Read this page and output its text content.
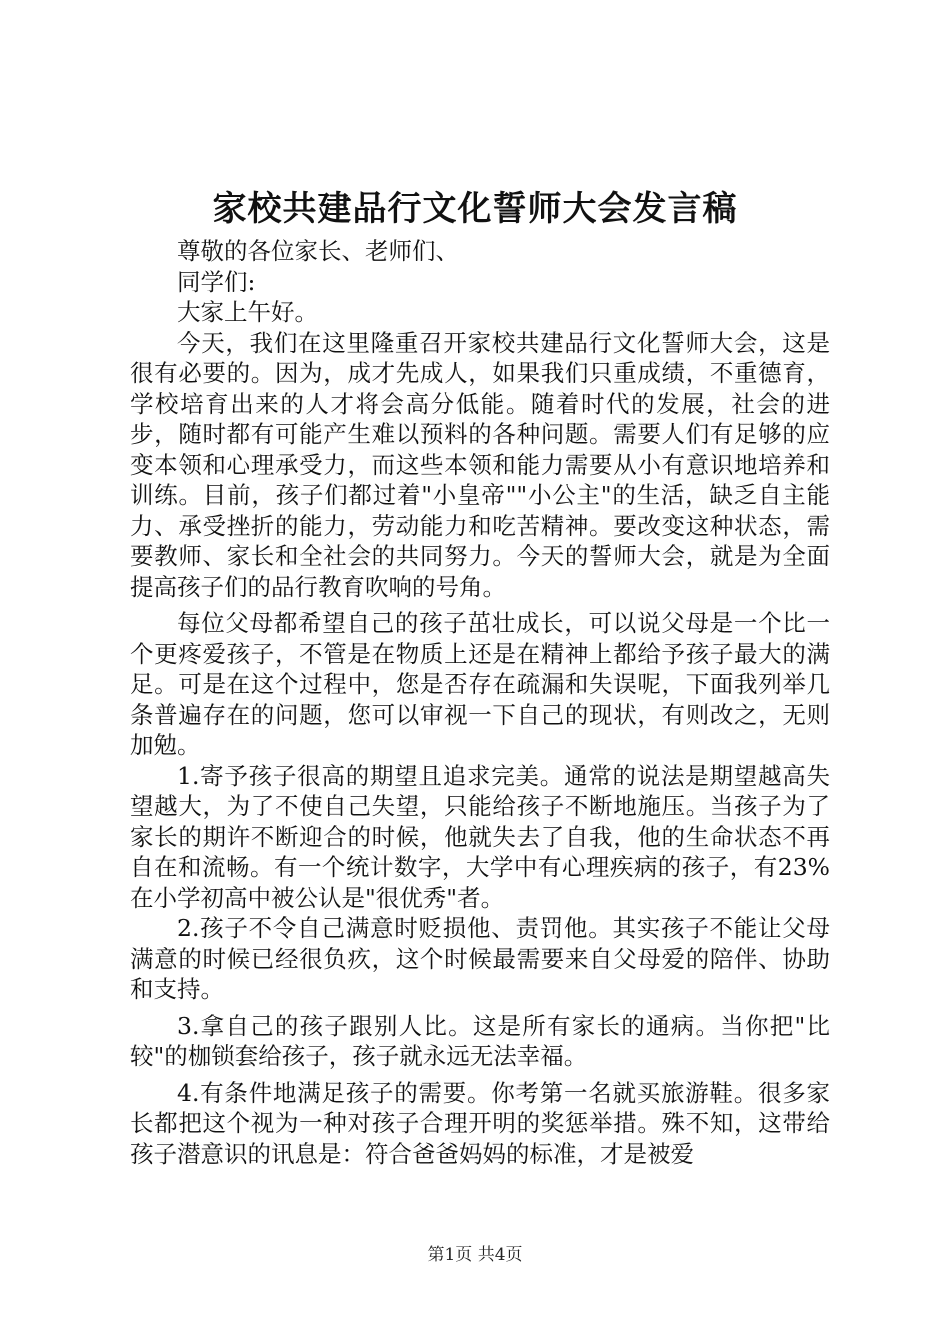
家校共建品行文化誓师大会发言稿

尊敬的各位家长、老师们、

同学们:

大家上午好。

今天，我们在这里隆重召开家校共建品行文化誓师大会，这是很有必要的。因为，成才先成人，如果我们只重成绩，不重德育，学校培育出来的人才将会高分低能。随着时代的发展，社会的进步，随时都有可能产生难以预料的各种问题。需要人们有足够的应变本领和心理承受力，而这些本领和能力需要从小有意识地培养和训练。目前，孩子们都过着"小皇帝""小公主"的生活，缺乏自主能力、承受挫折的能力，劳动能力和吃苦精神。要改变这种状态，需要教师、家长和全社会的共同努力。今天的誓师大会，就是为全面提高孩子们的品行教育吹响的号角。

每位父母都希望自己的孩子茁壮成长，可以说父母是一个比一个更疼爱孩子，不管是在物质上还是在精神上都给予孩子最大的满足。可是在这个过程中，您是否存在疏漏和失误呢，下面我列举几条普遍存在的问题，您可以审视一下自己的现状，有则改之，无则加勉。

1.寄予孩子很高的期望且追求完美。通常的说法是期望越高失望越大，为了不使自己失望，只能给孩子不断地施压。当孩子为了家长的期许不断迎合的时候，他就失去了自我，他的生命状态不再自在和流畅。有一个统计数字，大学中有心理疾病的孩子，有23%在小学初高中被公认是"很优秀"者。

2.孩子不令自己满意时贬损他、责罚他。其实孩子不能让父母满意的时候已经很负疚，这个时候最需要来自父母爱的陪伴、协助和支持。

3.拿自己的孩子跟别人比。这是所有家长的通病。当你把"比较"的枷锁套给孩子，孩子就永远无法幸福。

4.有条件地满足孩子的需要。你考第一名就买旅游鞋。很多家长都把这个视为一种对孩子合理开明的奖惩举措。殊不知，这带给孩子潜意识的讯息是：符合爸爸妈妈的标准，才是被爱

第1页 共4页
